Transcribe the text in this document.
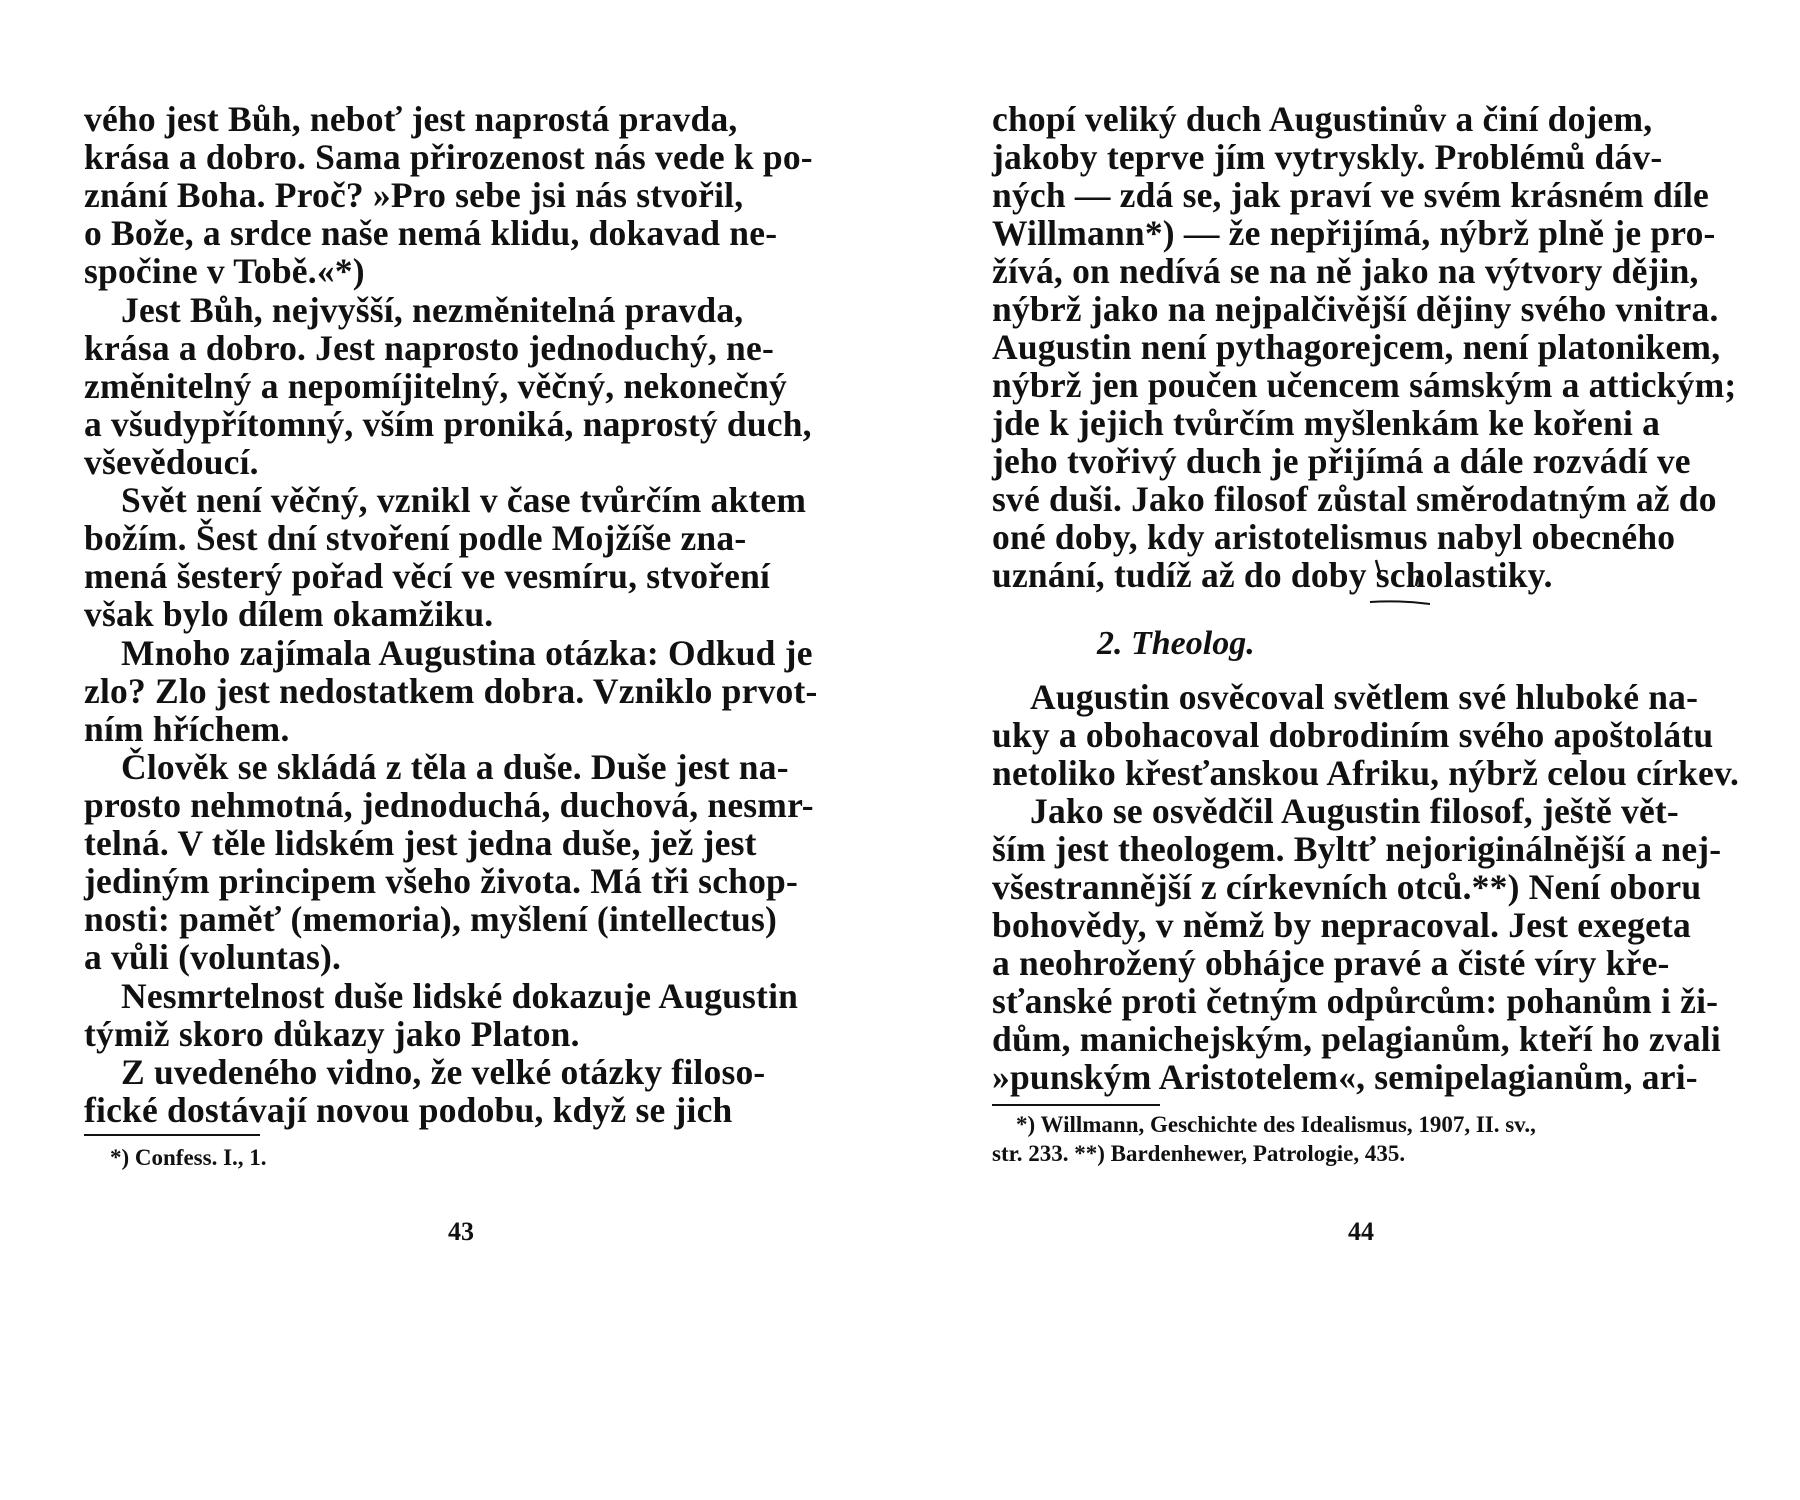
vého jest Bůh, neboť jest naprostá pravda,
krása a dobro. Sama přirozenost nás vede k po-
znání Boha. Proč? »Pro sebe jsi nás stvořil,
o Bože, a srdce naše nemá klidu, dokavad ne-
spočine v Tobě.«*)
Jest Bůh, nejvyšší, nezměnitelná pravda,
krása a dobro. Jest naprosto jednoduchý, ne-
změnitelný a nepomíjitelný, věčný, nekonečný
a všudypřítomný, vším proniká, naprostý duch,
vševědoucí.
Svět není věčný, vznikl v čase tvůrčím aktem
božím. Šest dní stvoření podle Mojžíše zna-
mená šesterý pořad věcí ve vesmíru, stvoření
však bylo dílem okamžiku.
Mnoho zajímala Augustina otázka: Odkud je
zlo? Zlo jest nedostatkem dobra. Vzniklo prvot-
ním hříchem.
Člověk se skládá z těla a duše. Duše jest na-
prosto nehmotná, jednoduchá, duchová, nesmr-
telná. V těle lidském jest jedna duše, jež jest
jediným principem všeho života. Má tři schop-
nosti: paměť (memoria), myšlení (intellectus)
a vůli (voluntas).
Nesmrtelnost duše lidské dokazuje Augustin
týmiž skoro důkazy jako Platon.
Z uvedeného vidno, že velké otázky filoso-
fické dostávají novou podobu, když se jich
*) Confess. I., 1.
43
chopí veliký duch Augustinův a činí dojem,
jakoby teprve jím vytryskly. Problémů dáv-
ných — zdá se, jak praví ve svém krásném díle
Willmann*) — že nepřijímá, nýbrž plně je pro-
žívá, on nedívá se na ně jako na výtvory dějin,
nýbrž jako na nejpalčivější dějiny svého vnitra.
Augustin není pythagorejcem, není platonikem,
nýbrž jen poučen učencem sámským a attickým;
jde k jejich tvůrčím myšlenkám ke kořeni a
jeho tvořivý duch je přijímá a dále rozvádí ve
své duši. Jako filosof zůstal směrodatným až do
oné doby, kdy aristotelismus nabyl obecného
uznání, tudíž až do doby scholastiky.
2. Theolog.
Augustin osvěcoval světlem své hluboké na-
uky a obohacoval dobrodiním svého apoštolátu
netoliko křesťanskou Afriku, nýbrž celou církev.
Jako se osvědčil Augustin filosof, ještě vět-
ším jest theologem. Byltť nejoriginálnější a nej-
všestrannější z církevních otců.**) Není oboru
bohovědy, v němž by nepracoval. Jest exegeta
a neohrožený obhájce pravé a čisté víry kře-
sťanské proti četným odpůrcům: pohanům i ži-
dům, manichejským, pelagianům, kteří ho zvali
»punským Aristotelem«, semipelagianům, ari-
*) Willmann, Geschichte des Idealismus, 1907, II. sv.,
str. 233. **) Bardenhewer, Patrologie, 435.
44
